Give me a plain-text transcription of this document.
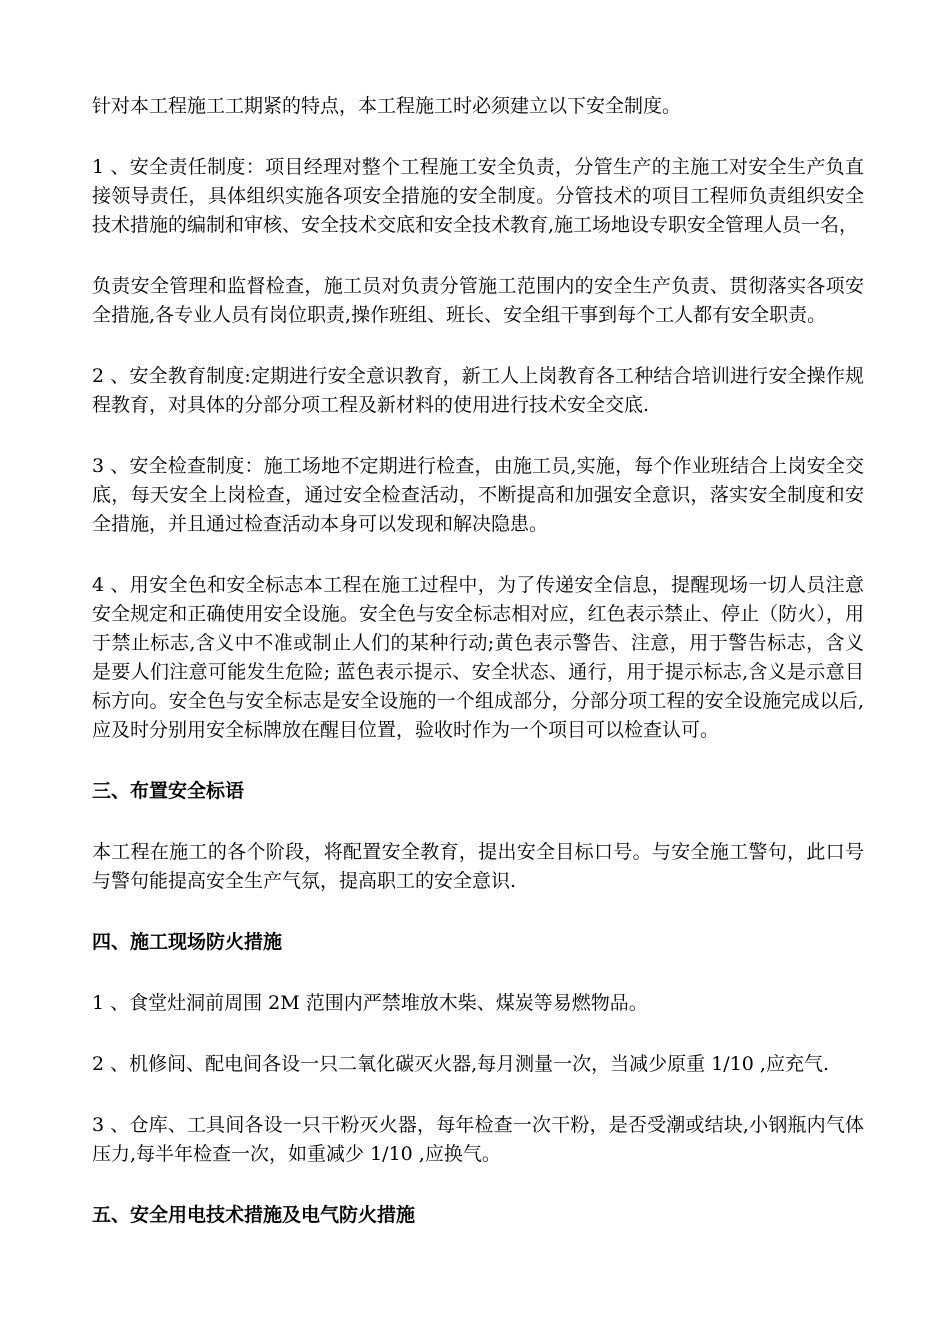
针对本工程施工工期紧的特点，本工程施工时必须建立以下安全制度。

1 、安全责任制度：项目经理对整个工程施工安全负责，分管生产的主施工对安全生产负直接领导责任，具体组织实施各项安全措施的安全制度。分管技术的项目工程师负责组织安全技术措施的编制和审核、安全技术交底和安全技术教育,施工场地设专职安全管理人员一名，

负责安全管理和监督检查，施工员对负责分管施工范围内的安全生产负责、贯彻落实各项安全措施,各专业人员有岗位职责,操作班组、班长、安全组干事到每个工人都有安全职责。

2 、安全教育制度:定期进行安全意识教育，新工人上岗教育各工种结合培训进行安全操作规程教育，对具体的分部分项工程及新材料的使用进行技术安全交底.

3 、安全检查制度：施工场地不定期进行检查，由施工员,实施，每个作业班结合上岗安全交底，每天安全上岗检查，通过安全检查活动，不断提高和加强安全意识，落实安全制度和安全措施，并且通过检查活动本身可以发现和解决隐患。

4 、用安全色和安全标志本工程在施工过程中，为了传递安全信息，提醒现场一切人员注意安全规定和正确使用安全设施。安全色与安全标志相对应，红色表示禁止、停止（防火），用于禁止标志,含义中不准或制止人们的某种行动;黄色表示警告、注意，用于警告标志，含义是要人们注意可能发生危险; 蓝色表示提示、安全状态、通行，用于提示标志,含义是示意目标方向。安全色与安全标志是安全设施的一个组成部分，分部分项工程的安全设施完成以后,应及时分别用安全标牌放在醒目位置，验收时作为一个项目可以检查认可。

三、布置安全标语

本工程在施工的各个阶段，将配置安全教育，提出安全目标口号。与安全施工警句，此口号与警句能提高安全生产气氛，提高职工的安全意识.

四、施工现场防火措施

1 、食堂灶洞前周围 2M 范围内严禁堆放木柴、煤炭等易燃物品。

2 、机修间、配电间各设一只二氧化碳灭火器,每月测量一次，当减少原重 1/10 ,应充气.

3 、仓库、工具间各设一只干粉灭火器，每年检查一次干粉，是否受潮或结块,小钢瓶内气体压力,每半年检查一次，如重减少 1/10 ,应换气。

五、安全用电技术措施及电气防火措施
